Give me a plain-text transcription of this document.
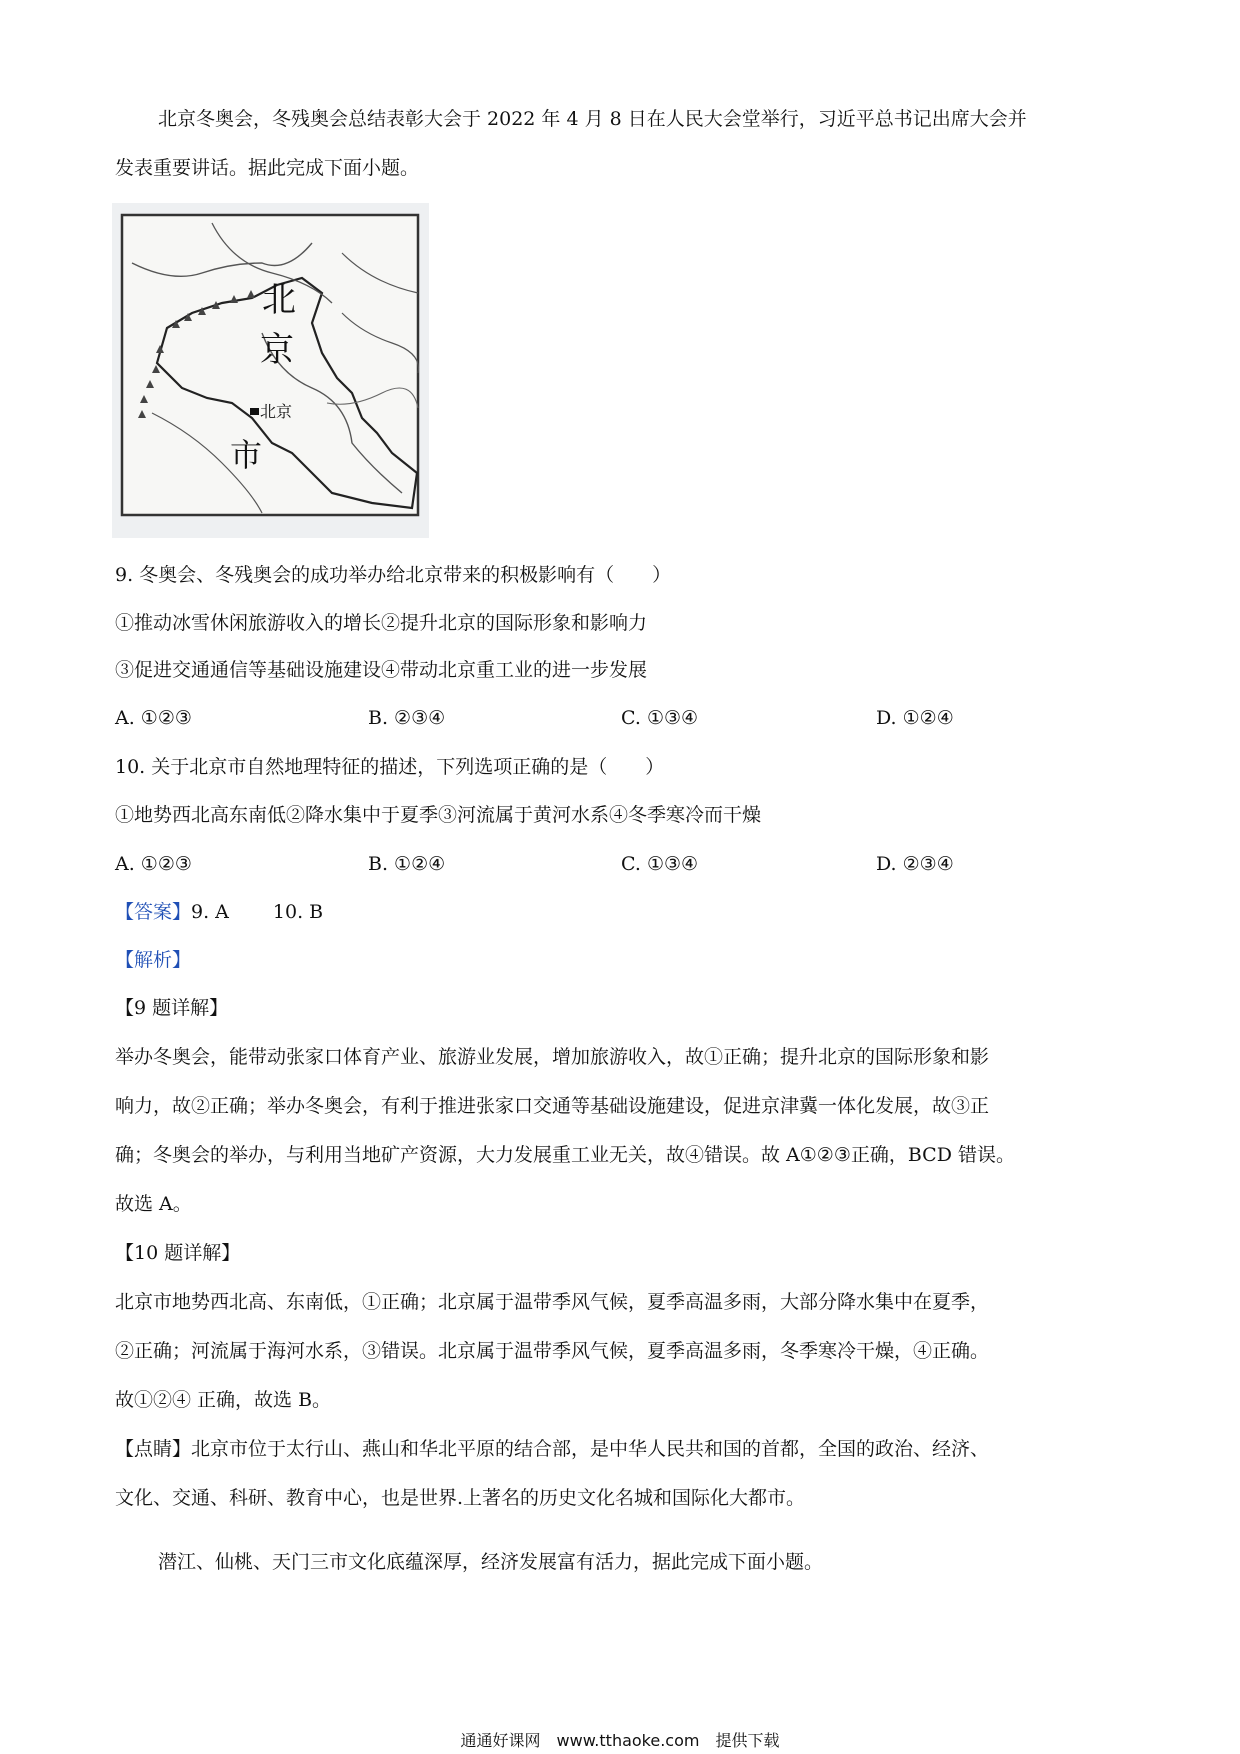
北京冬奥会，冬残奥会总结表彰大会于 2022 年 4 月 8 日在人民大会堂举行，习近平总书记出席大会并
发表重要讲话。据此完成下面小题。
北
京
北京
市
9. 冬奥会、冬残奥会的成功举办给北京带来的积极影响有（　　）
①推动冰雪休闲旅游收入的增长②提升北京的国际形象和影响力
③促进交通通信等基础设施建设④带动北京重工业的进一步发展
A. ①②③	B. ②③④	C. ①③④	D. ①②④
10. 关于北京市自然地理特征的描述，下列选项正确的是（　　）
①地势西北高东南低②降水集中于夏季③河流属于黄河水系④冬季寒冷而干燥
A. ①②③	B. ①②④	C. ①③④	D. ②③④
【答案】9. A 10. B
【解析】
【9 题详解】
举办冬奥会，能带动张家口体育产业、旅游业发展，增加旅游收入，故①正确；提升北京的国际形象和影
响力，故②正确；举办冬奥会，有利于推进张家口交通等基础设施建设，促进京津冀一体化发展，故③正
确；冬奥会的举办，与利用当地矿产资源，大力发展重工业无关，故④错误。故 A①②③正确，BCD 错误。
故选 A。
【10 题详解】
北京市地势西北高、东南低，①正确；北京属于温带季风气候，夏季高温多雨，大部分降水集中在夏季，
②正确；河流属于海河水系，③错误。北京属于温带季风气候，夏季高温多雨，冬季寒冷干燥，④正确。
故①②④ 正确，故选 B。
【点睛】北京市位于太行山、燕山和华北平原的结合部，是中华人民共和国的首都，全国的政治、经济、
文化、交通、科研、教育中心，也是世界.上著名的历史文化名城和国际化大都市。
潜江、仙桃、天门三市文化底蕴深厚，经济发展富有活力，据此完成下面小题。
通通好课网　www.tthaoke.com　提供下载
